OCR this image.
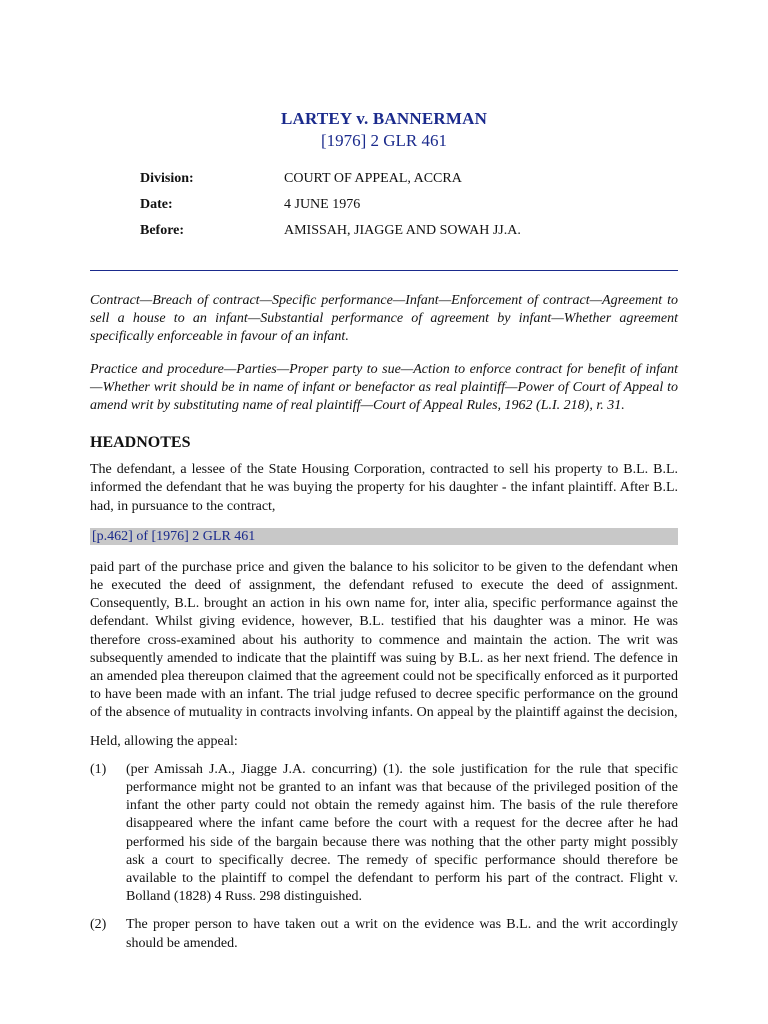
LARTEY v. BANNERMAN
[1976] 2 GLR 461
Division:	COURT OF APPEAL, ACCRA
Date:	4 JUNE 1976
Before:	AMISSAH, JIAGGE AND SOWAH JJ.A.

Contract—Breach of contract—Specific performance—Infant—Enforcement of contract—Agreement to sell a house to an infant—Substantial performance of agreement by infant—Whether agreement specifically enforceable in favour of an infant.

Practice and procedure—Parties—Proper party to sue—Action to enforce contract for benefit of infant—Whether writ should be in name of infant or benefactor as real plaintiff—Power of Court of Appeal to amend writ by substituting name of real plaintiff—Court of Appeal Rules, 1962 (L.I. 218), r. 31.

HEADNOTES

The defendant, a lessee of the State Housing Corporation, contracted to sell his property to B.L. B.L. informed the defendant that he was buying the property for his daughter - the infant plaintiff. After B.L. had, in pursuance to the contract,

[p.462] of [1976] 2 GLR 461

paid part of the purchase price and given the balance to his solicitor to be given to the defendant when he executed the deed of assignment, the defendant refused to execute the deed of assignment. Consequently, B.L. brought an action in his own name for, inter alia, specific performance against the defendant. Whilst giving evidence, however, B.L. testified that his daughter was a minor. He was therefore cross-examined about his authority to commence and maintain the action. The writ was subsequently amended to indicate that the plaintiff was suing by B.L. as her next friend. The defence in an amended plea thereupon claimed that the agreement could not be specifically enforced as it purported to have been made with an infant. The trial judge refused to decree specific performance on the ground of the absence of mutuality in contracts involving infants. On appeal by the plaintiff against the decision,

Held, allowing the appeal:

(1)	(per Amissah J.A., Jiagge J.A. concurring) (1). the sole justification for the rule that specific performance might not be granted to an infant was that because of the privileged position of the infant the other party could not obtain the remedy against him. The basis of the rule therefore disappeared where the infant came before the court with a request for the decree after he had performed his side of the bargain because there was nothing that the other party might possibly ask a court to specifically decree. The remedy of specific performance should therefore be available to the plaintiff to compel the defendant to perform his part of the contract. Flight v. Bolland (1828) 4 Russ. 298 distinguished.
(2)	The proper person to have taken out a writ on the evidence was B.L. and the writ accordingly should be amended.
